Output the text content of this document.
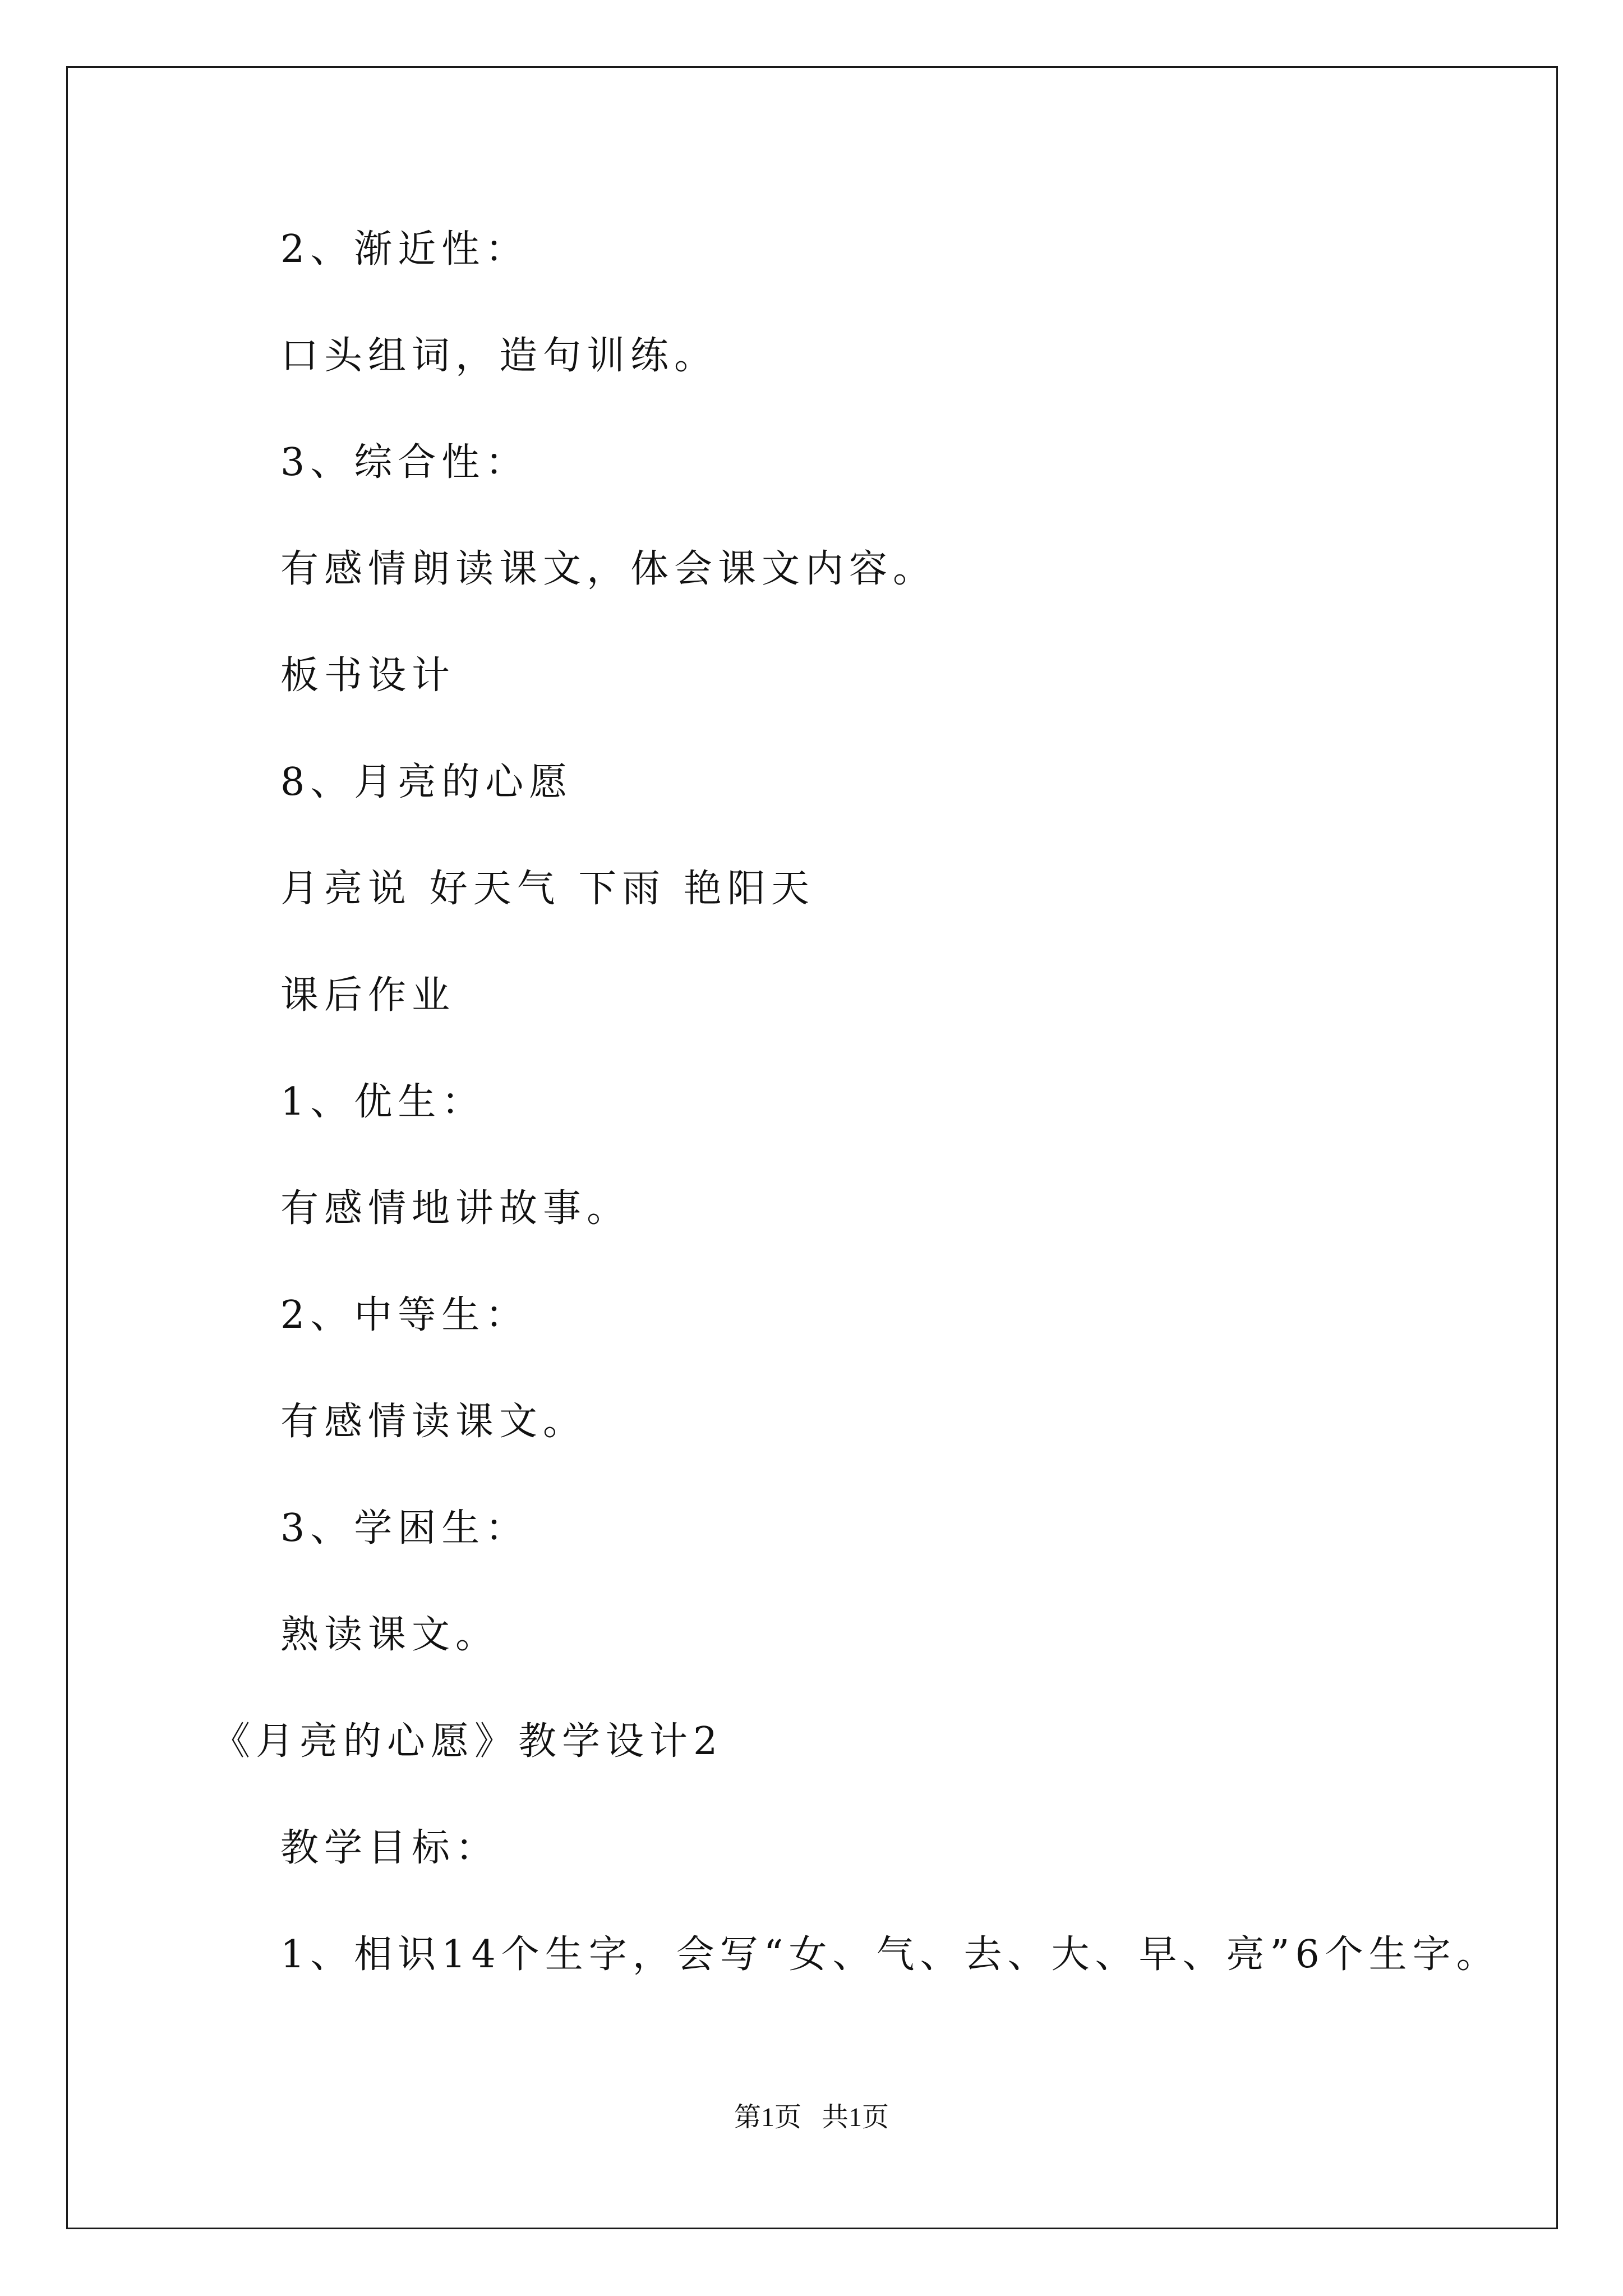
2、渐近性：
口头组词，造句训练。
3、综合性：
有感情朗读课文，体会课文内容。
板书设计
8、月亮的心愿
月亮说 好天气 下雨 艳阳天
课后作业
1、优生：
有感情地讲故事。
2、中等生：
有感情读课文。
3、学困生：
熟读课文。
《月亮的心愿》教学设计2
教学目标：
1、相识14个生字，会写“女、气、去、大、早、亮”6个生字。
第1页   共1页
